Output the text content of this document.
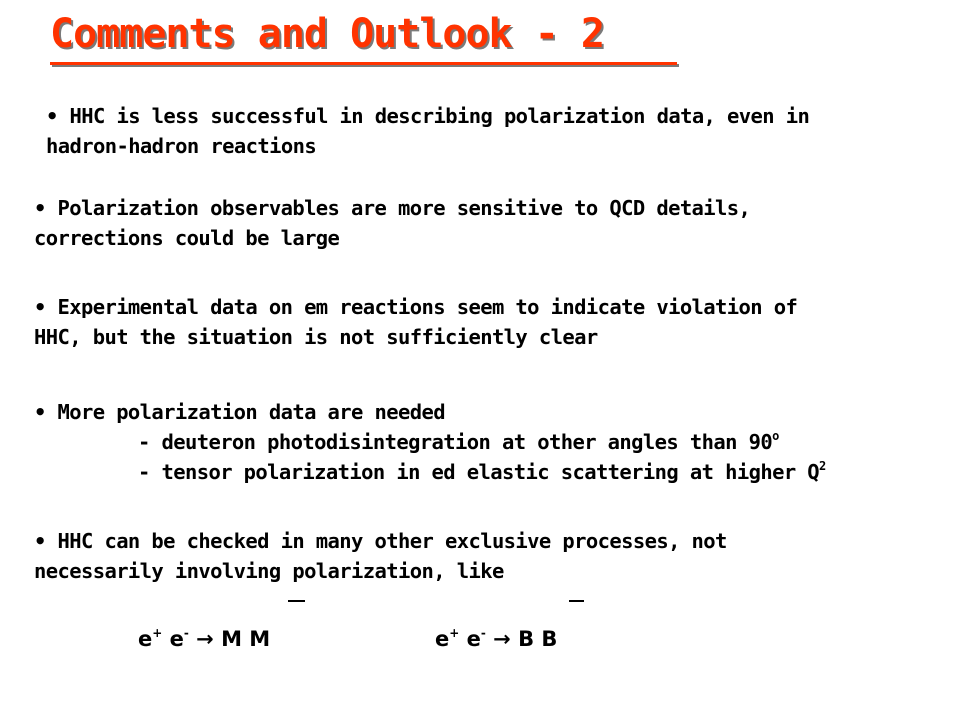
Comments and Outlook - 2
• HHC is less successful in describing polarization data, even in
hadron-hadron reactions
• Polarization observables are more sensitive to QCD details,
corrections could be large
• Experimental data on em reactions seem to indicate violation of
HHC, but the situation is not sufficiently clear
• More polarization data are needed
- deuteron photodisintegration at other angles than 90$^o$
- tensor polarization in ed elastic scattering at higher $Q^2$
• HHC can be checked in many other exclusive processes, not
necessarily involving polarization, like
e+ e- → M M	e+ e- → B B
